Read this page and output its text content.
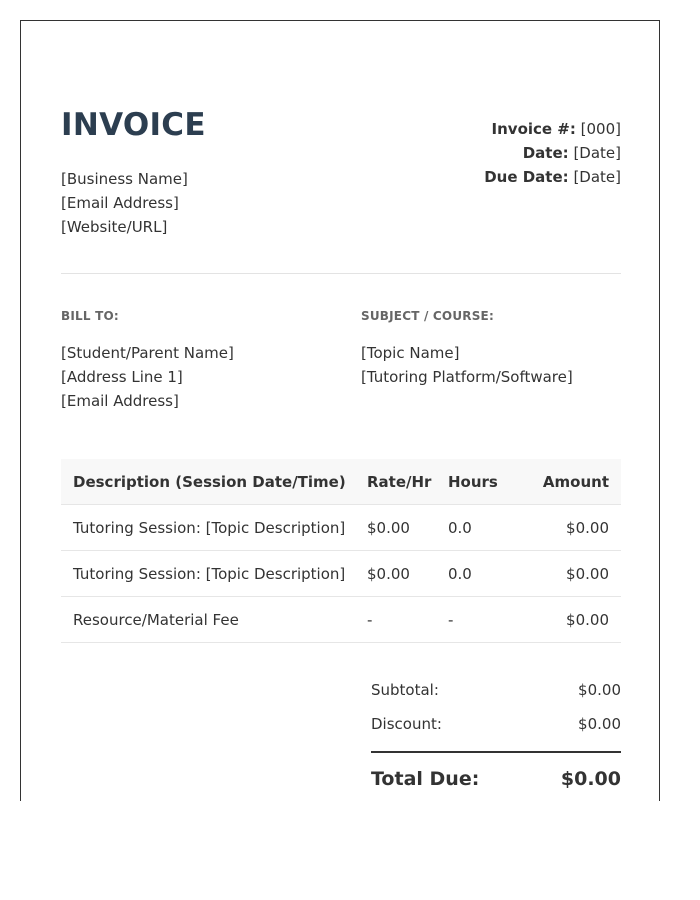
INVOICE
[Business Name]
[Email Address]
[Website/URL]
Invoice #: [000]
Date: [Date]
Due Date: [Date]
BILL TO:
[Student/Parent Name]
[Address Line 1]
[Email Address]
SUBJECT / COURSE:
[Topic Name]
[Tutoring Platform/Software]
Description (Session Date/Time)	Rate/Hr	Hours	Amount
Tutoring Session: [Topic Description]	$0.00	0.0	$0.00
Tutoring Session: [Topic Description]	$0.00	0.0	$0.00
Resource/Material Fee	-	-	$0.00
Subtotal:	$0.00
Discount:	$0.00
Total Due:	$0.00
